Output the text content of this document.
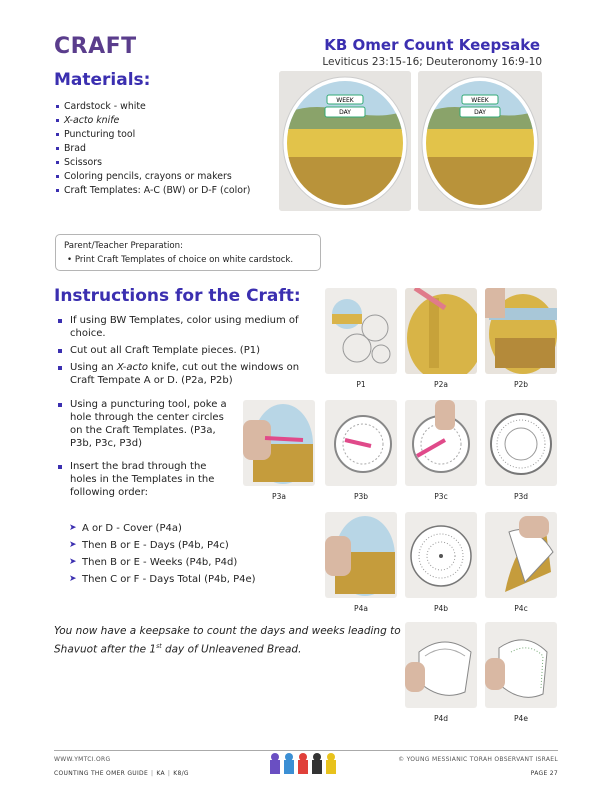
CRAFT	KB Omer Count Keepsake
Leviticus 23:15-16; Deuteronomy 16:9-10
Materials:
Cardstock - white
X-acto knife
Puncturing tool
Brad
Scissors
Coloring pencils, crayons or makers
Craft Templates: A-C (BW) or D-F (color)
WEEK
DAY
WEEK
DAY
Parent/Teacher Preparation:
• Print Craft Templates of choice on white cardstock.
Instructions for the Craft:
If using BW Templates, color using medium of choice.
Cut out all Craft Template pieces. (P1)
Using an X-acto knife, cut out the windows on Craft Tempate A or D. (P2a, P2b)
Using a puncturing tool, poke a hole through the center circles on the Craft Templates. (P3a, P3b, P3c, P3d)
Insert the brad through the holes in the Templates in the following order:
➤ A or D - Cover (P4a)
➤ Then B or E - Days (P4b, P4c)
➤ Then B or E - Weeks (P4b, P4d)
➤ Then C or F - Days Total (P4b, P4e)
P1	P2a	P2b
P3a	P3b	P3c	P3d
P4a	P4b	P4c
P4d	P4e
You now have a keepsake to count the days and weeks leading to Shavuot after the 1st day of Unleavened Bread.
WWW.YMTCI.ORG
COUNTING THE OMER GUIDE | KA | K8/G
© YOUNG MESSIANIC TORAH OBSERVANT ISRAEL
PAGE 27
